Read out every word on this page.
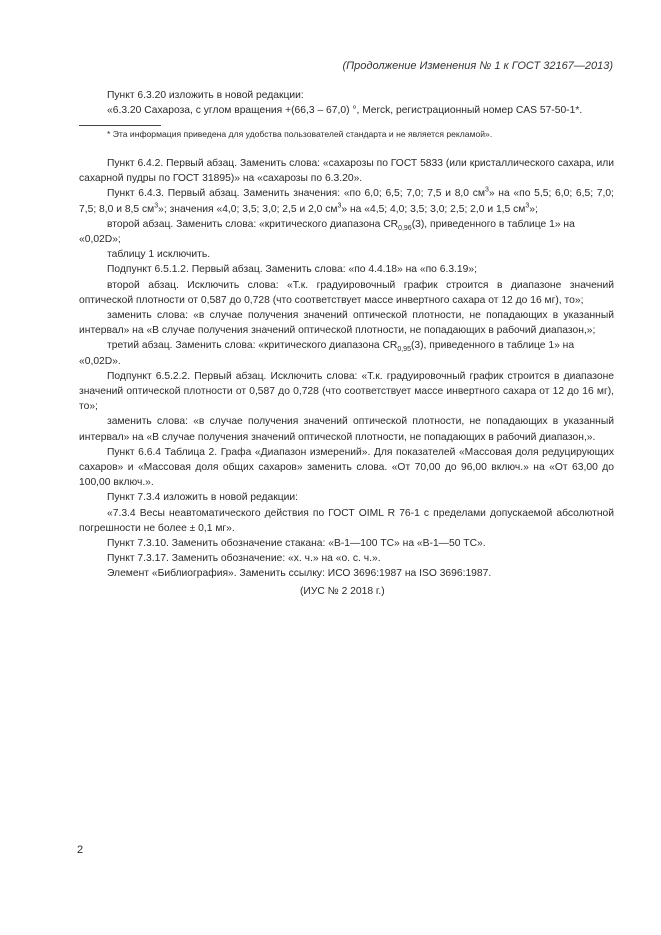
(Продолжение Изменения № 1 к ГОСТ 32167—2013)

Пункт 6.3.20 изложить в новой редакции:

«6.3.20 Сахароза, с углом вращения +(66,3 – 67,0) °, Merck, регистрационный номер CAS 57-50-1*.

* Эта информация приведена для удобства пользователей стандарта и не является рекламой».

Пункт 6.4.2. Первый абзац. Заменить слова: «сахарозы по ГОСТ 5833 (или кристаллического сахара, или сахарной пудры по ГОСТ 31895)» на «сахарозы по 6.3.20».

Пункт 6.4.3. Первый абзац. Заменить значения: «по 6,0; 6,5; 7,0; 7,5 и 8,0 $см^3$» на «по 5,5; 6,0; 6,5; 7,0; 7,5; 8,0 и 8,5 $см^3$»; значения «4,0; 3,5; 3,0; 2,5 и 2,0 $см^3$» на «4,5; 4,0; 3,5; 3,0; 2,5; 2,0 и 1,5 $см^3$»;

второй абзац. Заменить слова: «критического диапазона $CR_{0,96}(3)$, приведенного в таблице 1» на

«0,02D»;

таблицу 1 исключить.

Подпункт 6.5.1.2. Первый абзац. Заменить слова: «по 4.4.18» на «по 6.3.19»;

второй абзац. Исключить слова: «Т.к. градуировочный график строится в диапазоне значений оптической плотности от 0,587 до 0,728 (что соответствует массе инвертного сахара от 12 до 16 мг), то»;

заменить слова: «в случае получения значений оптической плотности, не попадающих в указанный интервал» на «В случае получения значений оптической плотности, не попадающих в рабочий диапазон,»;

третий абзац. Заменить слова: «критического диапазона $CR_{0,95}(3)$, приведенного в таблице 1» на

«0,02D».

Подпункт 6.5.2.2. Первый абзац. Исключить слова: «Т.к. градуировочный график строится в диапазоне значений оптической плотности от 0,587 до 0,728 (что соответствует массе инвертного сахара от 12 до 16 мг), то»;

заменить слова: «в случае получения значений оптической плотности, не попадающих в указанный интервал» на «В случае получения значений оптической плотности, не попадающих в рабочий диапазон,».

Пункт 6.6.4 Таблица 2. Графа «Диапазон измерений». Для показателей «Массовая доля редуцирующих сахаров» и «Массовая доля общих сахаров» заменить слова. «От 70,00 до 96,00 включ.» на «От 63,00 до 100,00 включ.».

Пункт 7.3.4 изложить в новой редакции:

«7.3.4 Весы неавтоматического действия по ГОСТ OIML R 76-1 с пределами допускаемой абсолютной погрешности не более ± 0,1 мг».

Пункт 7.3.10. Заменить обозначение стакана: «В-1—100 ТС» на «В-1—50 ТС».

Пункт 7.3.17. Заменить обозначение: «х. ч.» на «о. с. ч.».

Элемент «Библиография». Заменить ссылку: ИСО 3696:1987 на ISO 3696:1987.

(ИУС № 2 2018 г.)
2
